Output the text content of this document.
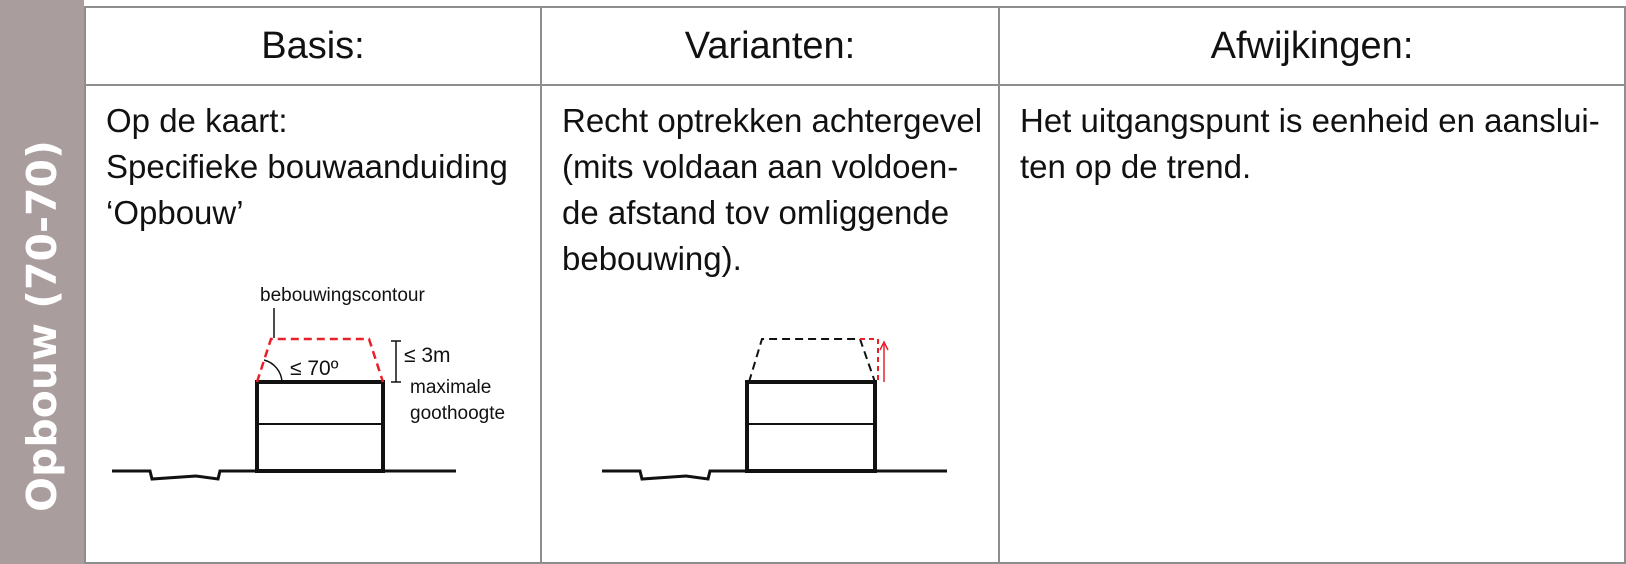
Opbouw (70-70)
Basis:	Varianten:	Afwijkingen:
Op de kaart:
Specifieke bouwaanduiding
‘Opbouw’
bebouwingscontour
≤ 70º
≤ 3m
maximale
goothoogte
Recht optrekken achtergevel
(mits voldaan aan voldoen-
de afstand tov omliggende
bebouwing).
Het uitgangspunt is eenheid en aanslui-
ten op de trend.
